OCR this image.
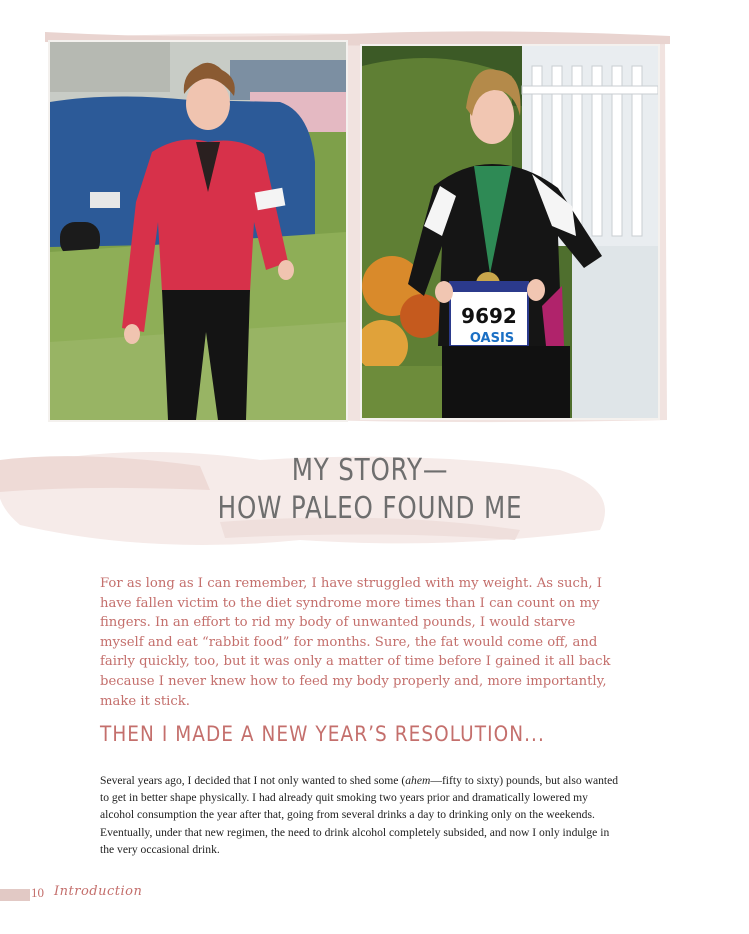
9692
OASIS
MY STORY—
HOW PALEO FOUND ME

For as long as I can remember, I have struggled with my weight. As such, I have fallen victim to the diet syndrome more times than I can count on my fingers. In an effort to rid my body of unwanted pounds, I would starve myself and eat “rabbit food” for months. Sure, the fat would come off, and fairly quickly, too, but it was only a matter of time before I gained it all back because I never knew how to feed my body properly and, more importantly, make it stick.

THEN I MADE A NEW YEAR’S RESOLUTION...

Several years ago, I decided that I not only wanted to shed some (ahem—fifty to sixty) pounds, but also wanted to get in better shape physically. I had already quit smoking two years prior and dramatically lowered my alcohol consumption the year after that, going from several drinks a day to drinking only on the weekends. Eventually, under that new regimen, the need to drink alcohol completely subsided, and now I only indulge in the very occasional drink.

10 Introduction
